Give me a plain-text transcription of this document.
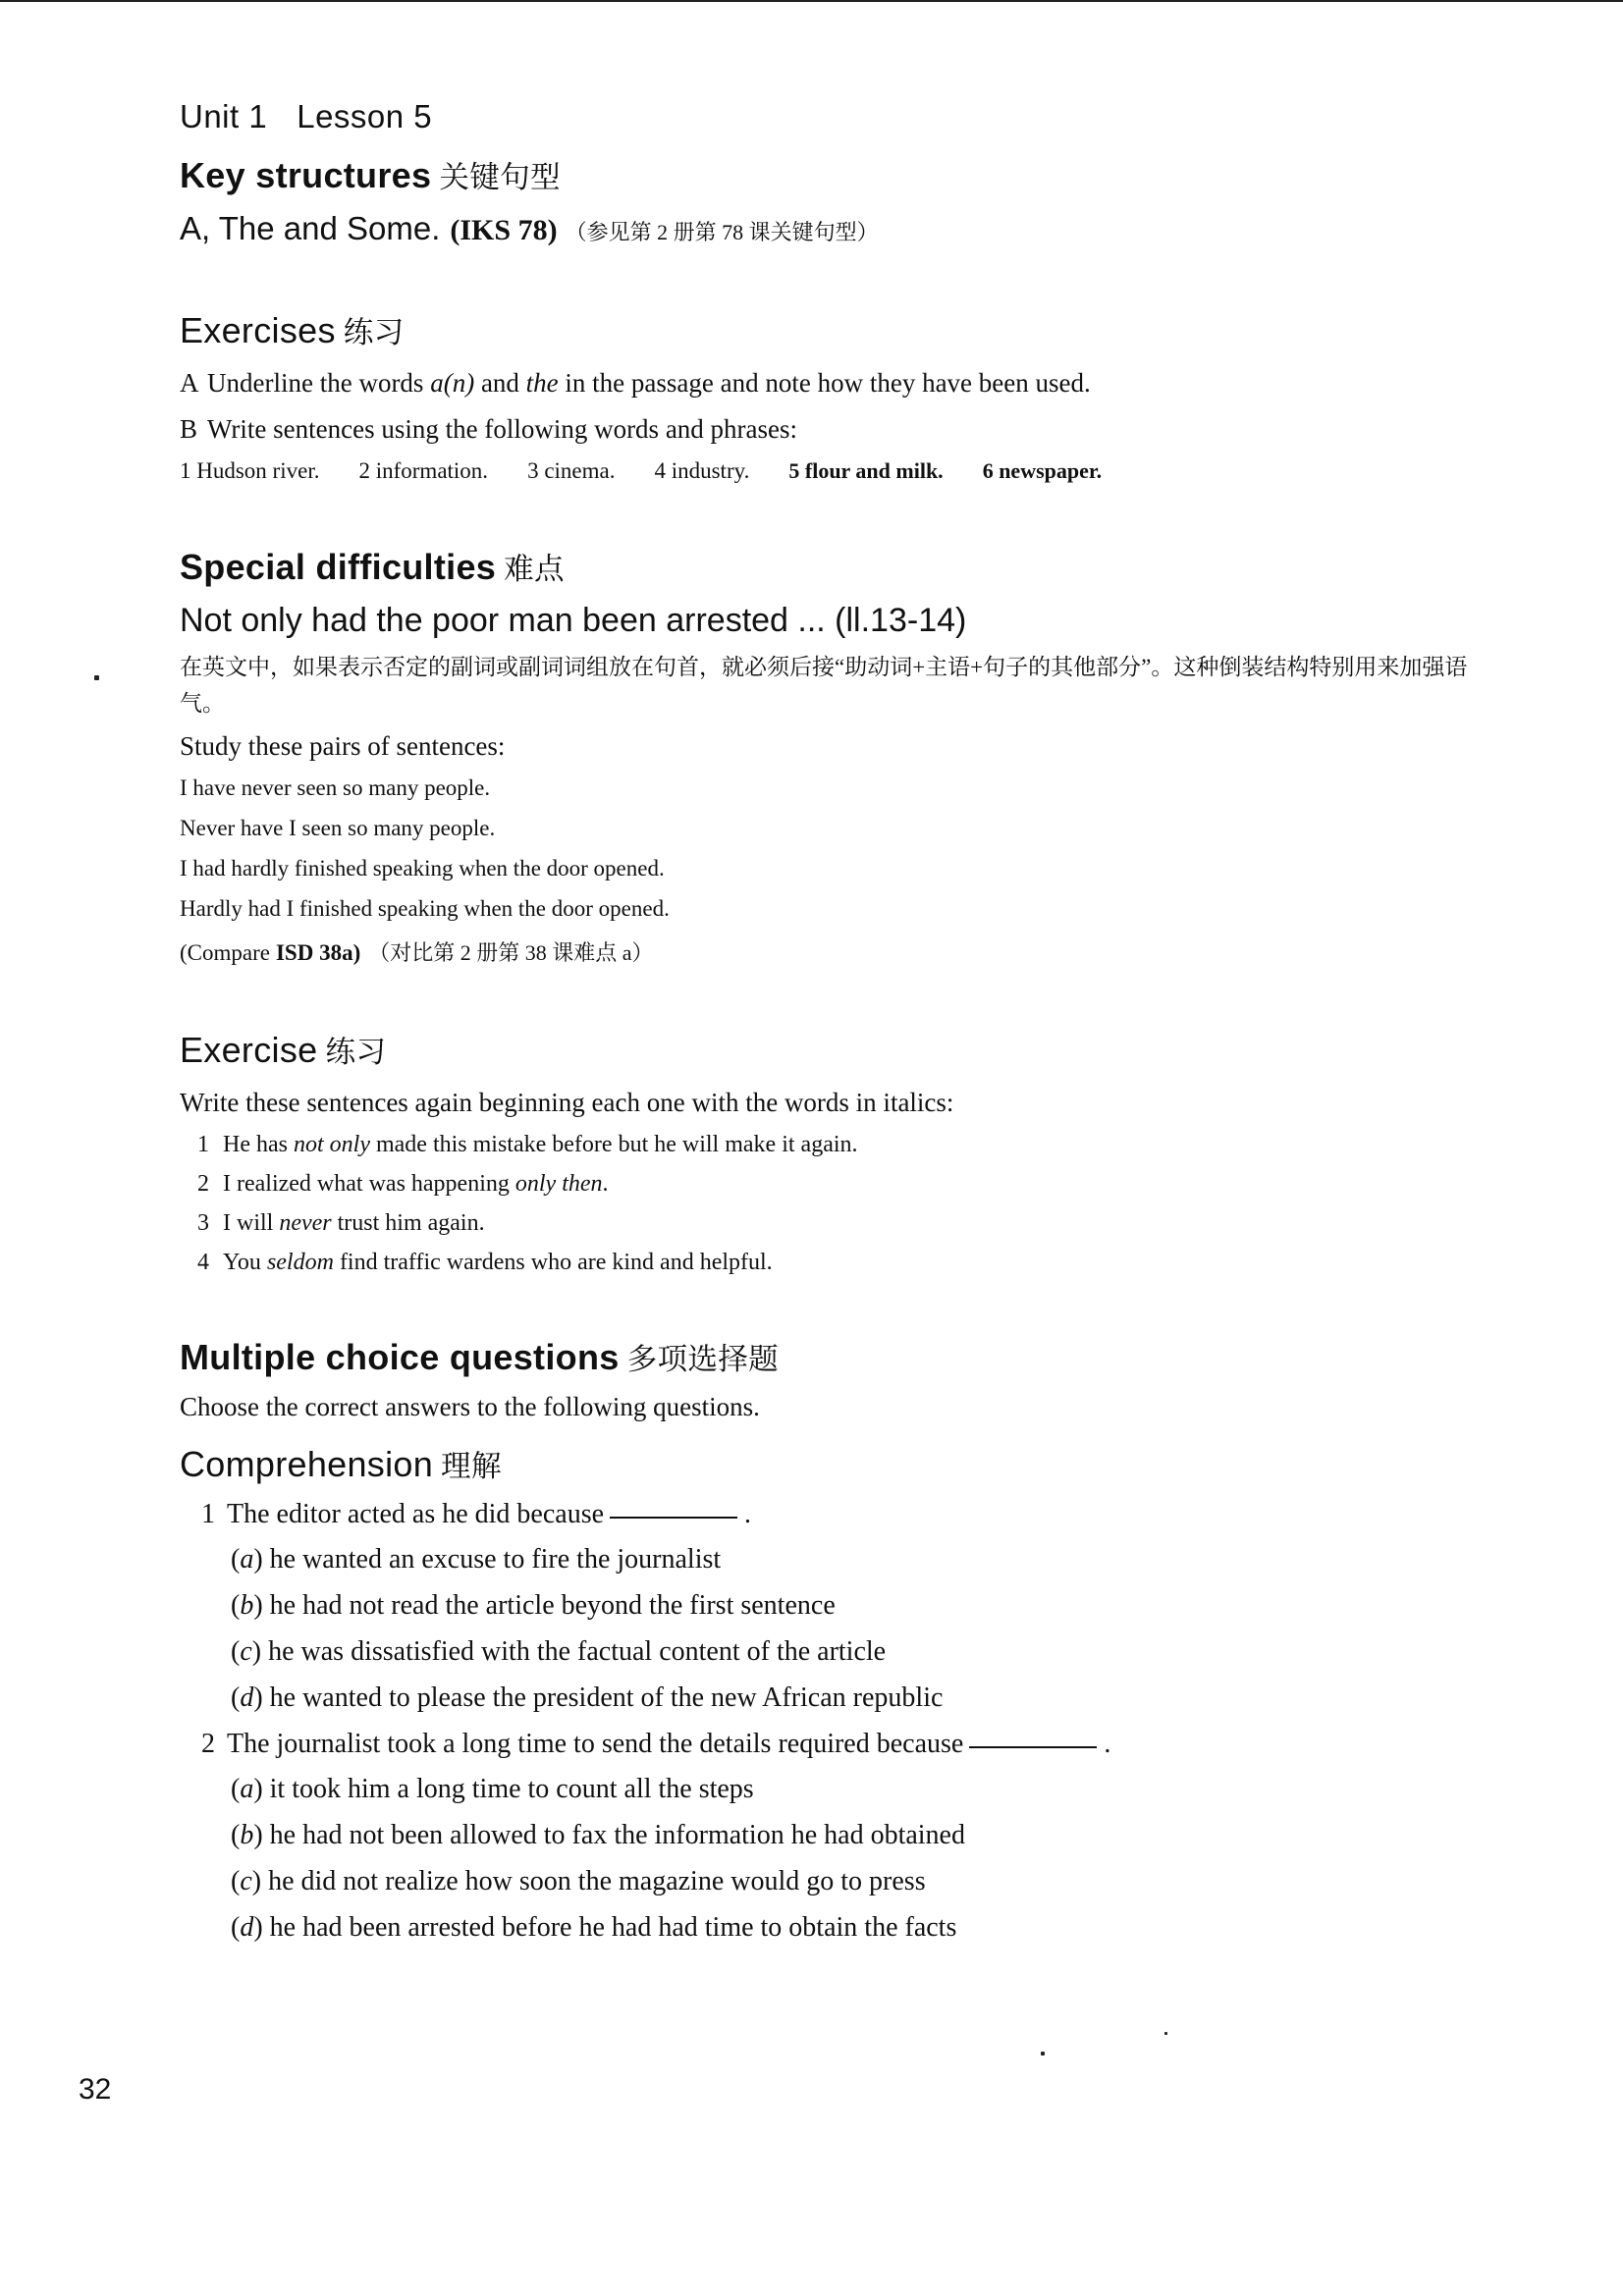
Unit 1 Lesson 5
Key structures 关键句型
A, The and Some. (IKS 78) （参见第 2 册第 78 课关键句型）
Exercises 练习
A Underline the words a(n) and the in the passage and note how they have been used.
B Write sentences using the following words and phrases:
1 Hudson river. 2 information. 3 cinema. 4 industry. 5 flour and milk. 6 newspaper.
Special difficulties 难点
Not only had the poor man been arrested ... (ll.13-14)
在英文中，如果表示否定的副词或副词词组放在句首，就必须后接“助动词+主语+句子的其他部分”。这种倒装结构特别用来加强语气。
Study these pairs of sentences:
I have never seen so many people.
Never have I seen so many people.
I had hardly finished speaking when the door opened.
Hardly had I finished speaking when the door opened.
(Compare ISD 38a) （对比第 2 册第 38 课难点 a）
Exercise 练习
Write these sentences again beginning each one with the words in italics:
1 He has not only made this mistake before but he will make it again.
2 I realized what was happening only then.
3 I will never trust him again.
4 You seldom find traffic wardens who are kind and helpful.
Multiple choice questions 多项选择题
Choose the correct answers to the following questions.
Comprehension 理解
1 The editor acted as he did because	.
(a) he wanted an excuse to fire the journalist
(b) he had not read the article beyond the first sentence
(c) he was dissatisfied with the factual content of the article
(d) he wanted to please the president of the new African republic
2 The journalist took a long time to send the details required because	.
(a) it took him a long time to count all the steps
(b) he had not been allowed to fax the information he had obtained
(c) he did not realize how soon the magazine would go to press
(d) he had been arrested before he had had time to obtain the facts
32
